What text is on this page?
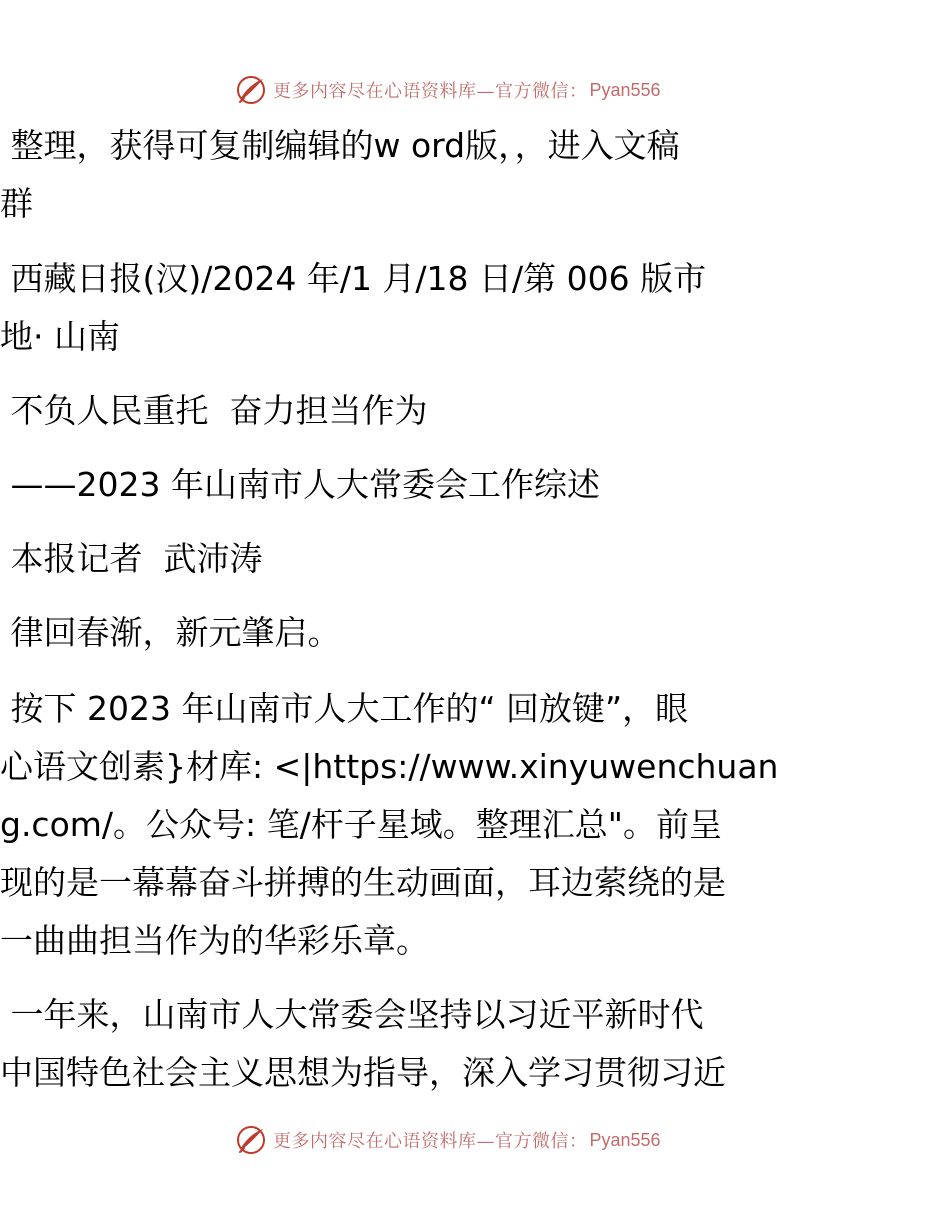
更多内容尽在心语资料库—官方微信： Pyan556
整理，获得可复制编辑的w ord版，，进入文稿
群
西藏日报(汉)/2024 年/1 月/18 日/第 006 版市
地· 山南
不负人民重托  奋力担当作为
——2023 年山南市人大常委会工作综述
本报记者  武沛涛
律回春渐，新元肇启。
按下 2023 年山南市人大工作的“ 回放键”，眼
心语文创素}材库: <|https://www.xinyuwenchuan
g.com/。公众号: 笔/杆子星域。整理汇总"。前呈
现的是一幕幕奋斗拼搏的生动画面，耳边萦绕的是
一曲曲担当作为的华彩乐章。
一年来，山南市人大常委会坚持以习近平新时代
中国特色社会主义思想为指导，深入学习贯彻习近
更多内容尽在心语资料库—官方微信： Pyan556
